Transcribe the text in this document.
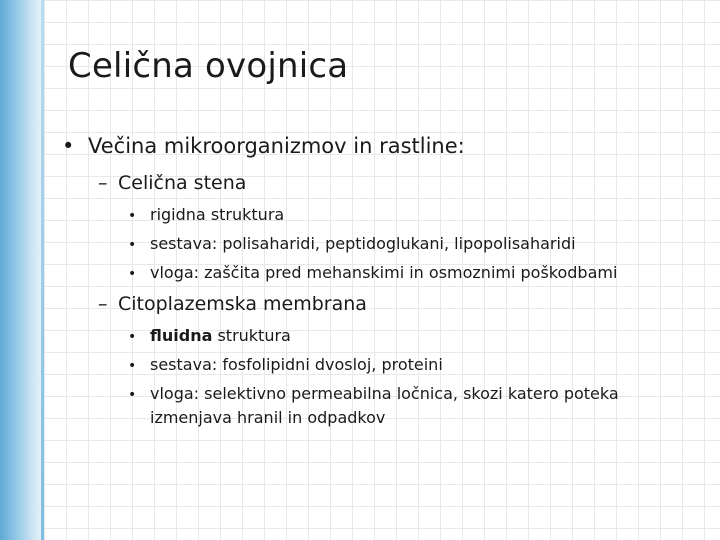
Celična ovojnica
• Večina mikroorganizmov in rastline:
– Celična stena
• rigidna struktura
• sestava: polisaharidi, peptidoglukani, lipopolisaharidi
• vloga: zaščita pred mehanskimi in osmoznimi poškodbami
– Citoplazemska membrana
• fluidna struktura
• sestava: fosfolipidni dvosloj, proteini
• vloga: selektivno permeabilna ločnica, skozi katero poteka
izmenjava hranil in odpadkov
